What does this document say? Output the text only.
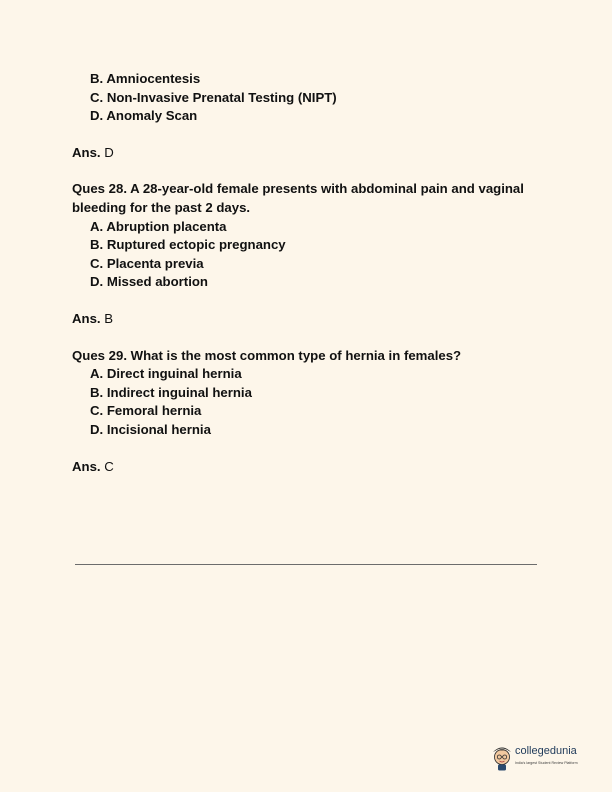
B. Amniocentesis
C. Non-Invasive Prenatal Testing (NIPT)
D. Anomaly Scan
Ans. D
Ques 28. A 28-year-old female presents with abdominal pain and vaginal bleeding for the past 2 days.
A. Abruption placenta
B. Ruptured ectopic pregnancy
C. Placenta previa
D. Missed abortion
Ans. B
Ques 29. What is the most common type of hernia in females?
A. Direct inguinal hernia
B. Indirect inguinal hernia
C. Femoral hernia
D. Incisional hernia
Ans. C
collegedunia
India's largest Student Review Platform
